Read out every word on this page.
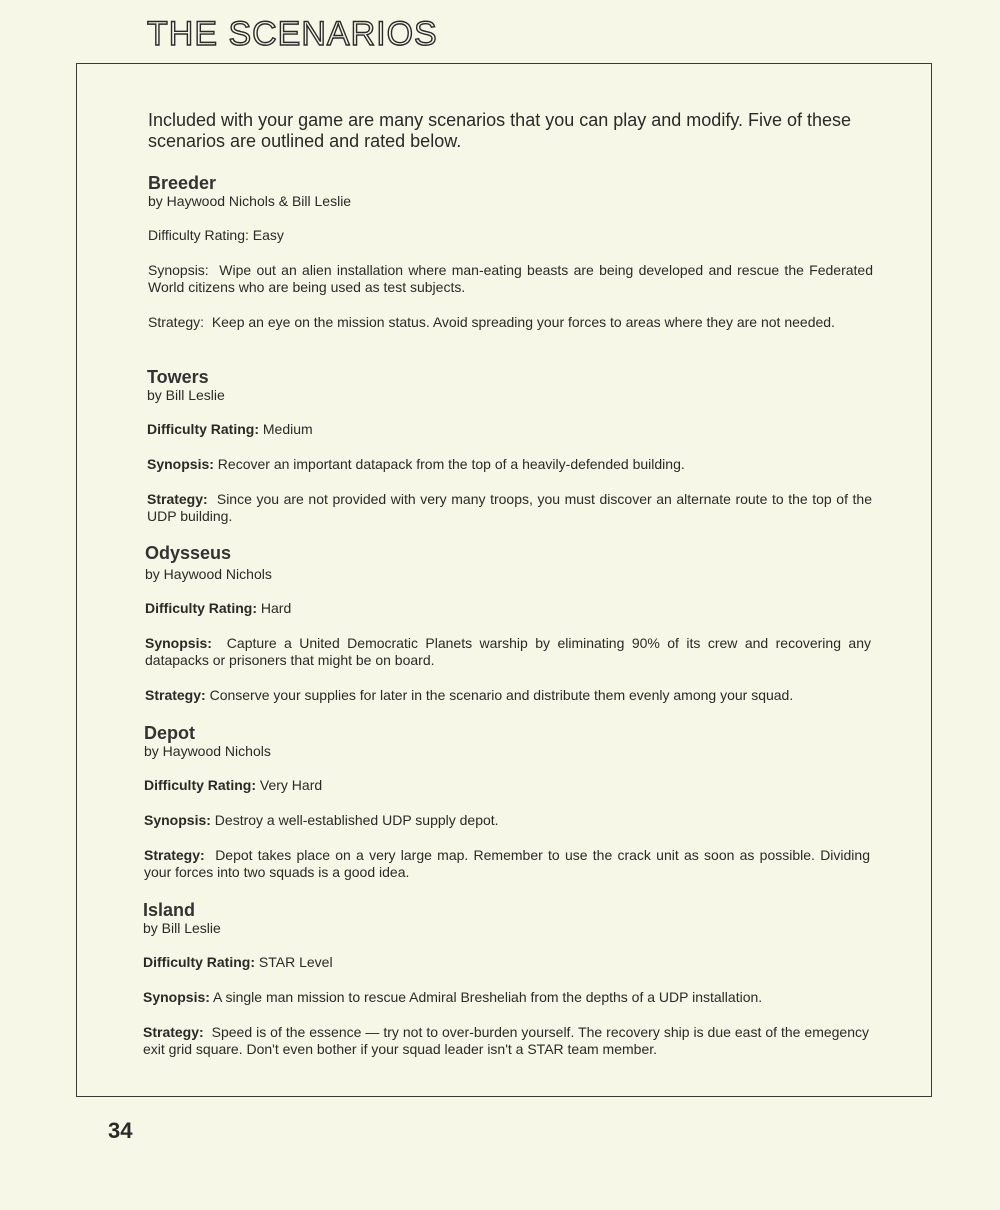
THE SCENARIOS
Included with your game are many scenarios that you can play and modify. Five of these scenarios are outlined and rated below.
Breeder
by Haywood Nichols & Bill Leslie
Difficulty Rating: Easy
Synopsis: Wipe out an alien installation where man-eating beasts are being developed and rescue the Federated World citizens who are being used as test subjects.
Strategy: Keep an eye on the mission status. Avoid spreading your forces to areas where they are not needed.
Towers
by Bill Leslie
Difficulty Rating: Medium
Synopsis: Recover an important datapack from the top of a heavily-defended building.
Strategy: Since you are not provided with very many troops, you must discover an alternate route to the top of the UDP building.
Odysseus
by Haywood Nichols
Difficulty Rating: Hard
Synopsis: Capture a United Democratic Planets warship by eliminating 90% of its crew and recovering any datapacks or prisoners that might be on board.
Strategy: Conserve your supplies for later in the scenario and distribute them evenly among your squad.
Depot
by Haywood Nichols
Difficulty Rating: Very Hard
Synopsis: Destroy a well-established UDP supply depot.
Strategy: Depot takes place on a very large map. Remember to use the crack unit as soon as possible. Dividing your forces into two squads is a good idea.
Island
by Bill Leslie
Difficulty Rating: STAR Level
Synopsis: A single man mission to rescue Admiral Bresheliah from the depths of a UDP installation.
Strategy: Speed is of the essence — try not to over-burden yourself. The recovery ship is due east of the emegency exit grid square. Don't even bother if your squad leader isn't a STAR team member.
34
